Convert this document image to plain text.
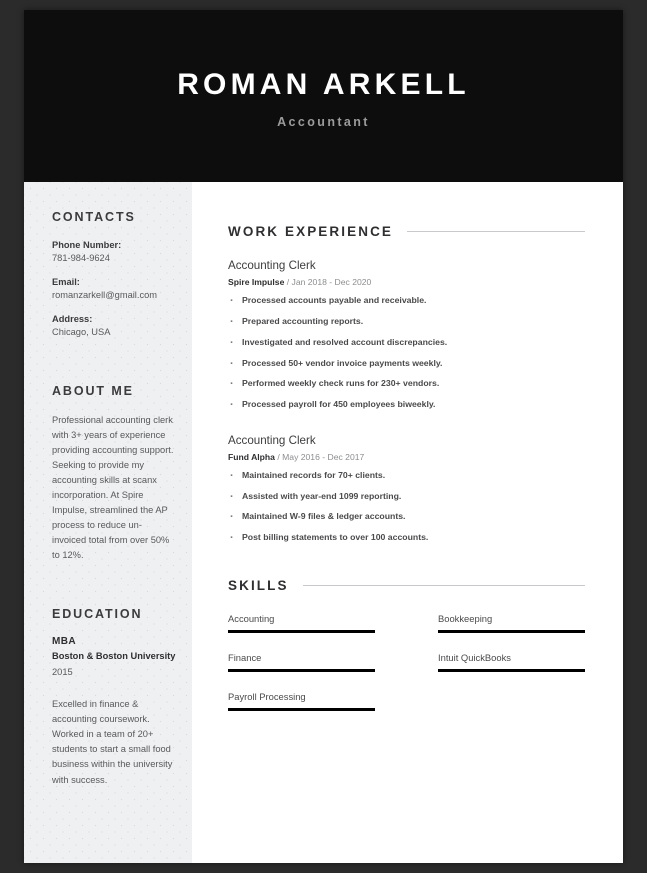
ROMAN ARKELL
Accountant
CONTACTS
Phone Number:
781-984-9624
Email:
romanzarkell@gmail.com
Address:
Chicago, USA
ABOUT ME

Professional accounting clerk with 3+ years of experience providing accounting support. Seeking to provide my accounting skills at scanx incorporation. At Spire Impulse, streamlined the AP process to reduce un-invoiced total from over 50% to 12%.

EDUCATION
MBA
Boston & Boston University
2015
Excelled in finance & accounting coursework. Worked in a team of 20+ students to start a small food business within the university with success.
WORK EXPERIENCE
Accounting Clerk
Spire Impulse / Jan 2018 - Dec 2020
· Processed accounts payable and receivable.
· Prepared accounting reports.
· Investigated and resolved account discrepancies.
· Processed 50+ vendor invoice payments weekly.
· Performed weekly check runs for 230+ vendors.
· Processed payroll for 450 employees biweekly.
Accounting Clerk
Fund Alpha / May 2016 - Dec 2017
· Maintained records for 70+ clients.
· Assisted with year-end 1099 reporting.
· Maintained W-9 files & ledger accounts.
· Post billing statements to over 100 accounts.
SKILLS
Accounting	Bookkeeping
Finance	Intuit QuickBooks
Payroll Processing
